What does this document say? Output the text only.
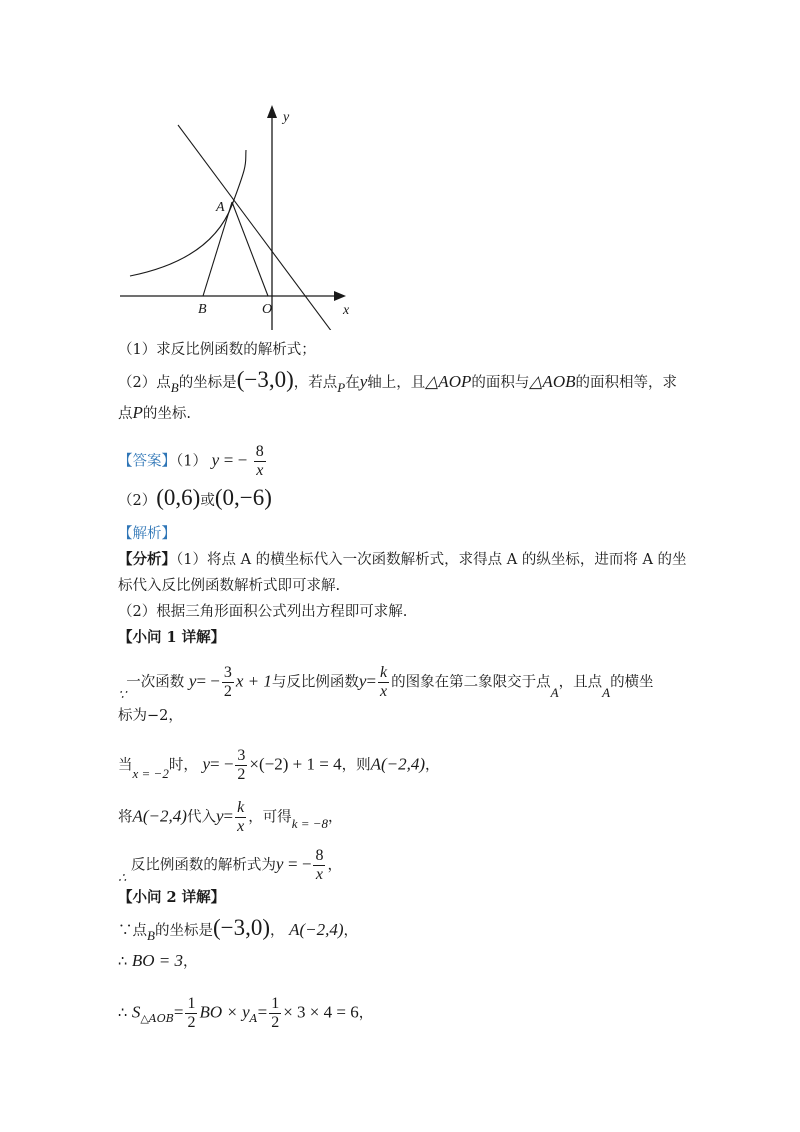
y
x
A
B	O
（1）求反比例函数的解析式；
（2）点B的坐标是(−3,0)，若点P在y轴上，且△AOP的面积与△AOB的面积相等，求
点P的坐标.
【答案】（1） y = − $\frac{8}{x}$
（2）(0,6)或(0,−6)
【解析】
【分析】（1）将点 A 的横坐标代入一次函数解析式，求得点 A 的纵坐标，进而将 A 的坐
标代入反比例函数解析式即可求解.
（2）根据三角形面积公式列出方程即可求解.
【小问 1 详解】
∵一次函数 $y= - \frac{3}{2}$ x + 1与反比例函数$y= \frac{k}{x}$ 的图象在第二象限交于点A，且点A的横坐
标为−2，
当x = −2时， $y= - \frac{3}{2} \times(-2) + 1 = 4$，则A(−2,4)，
将A(−2,4)代入$y= \frac{k}{x}$ ，可得k = −8，
∴ 反比例函数的解析式为y = − $\frac{8}{x}$ ，
【小问 2 详解】
∵点B的坐标是(−3,0)， A(−2,4)，
∴ BO = 3，
∴ $S_{\triangle AOB}= \frac{1}{2}$ BO × $y_A= \frac{1}{2} \times 3 \times 4 = 6$，
